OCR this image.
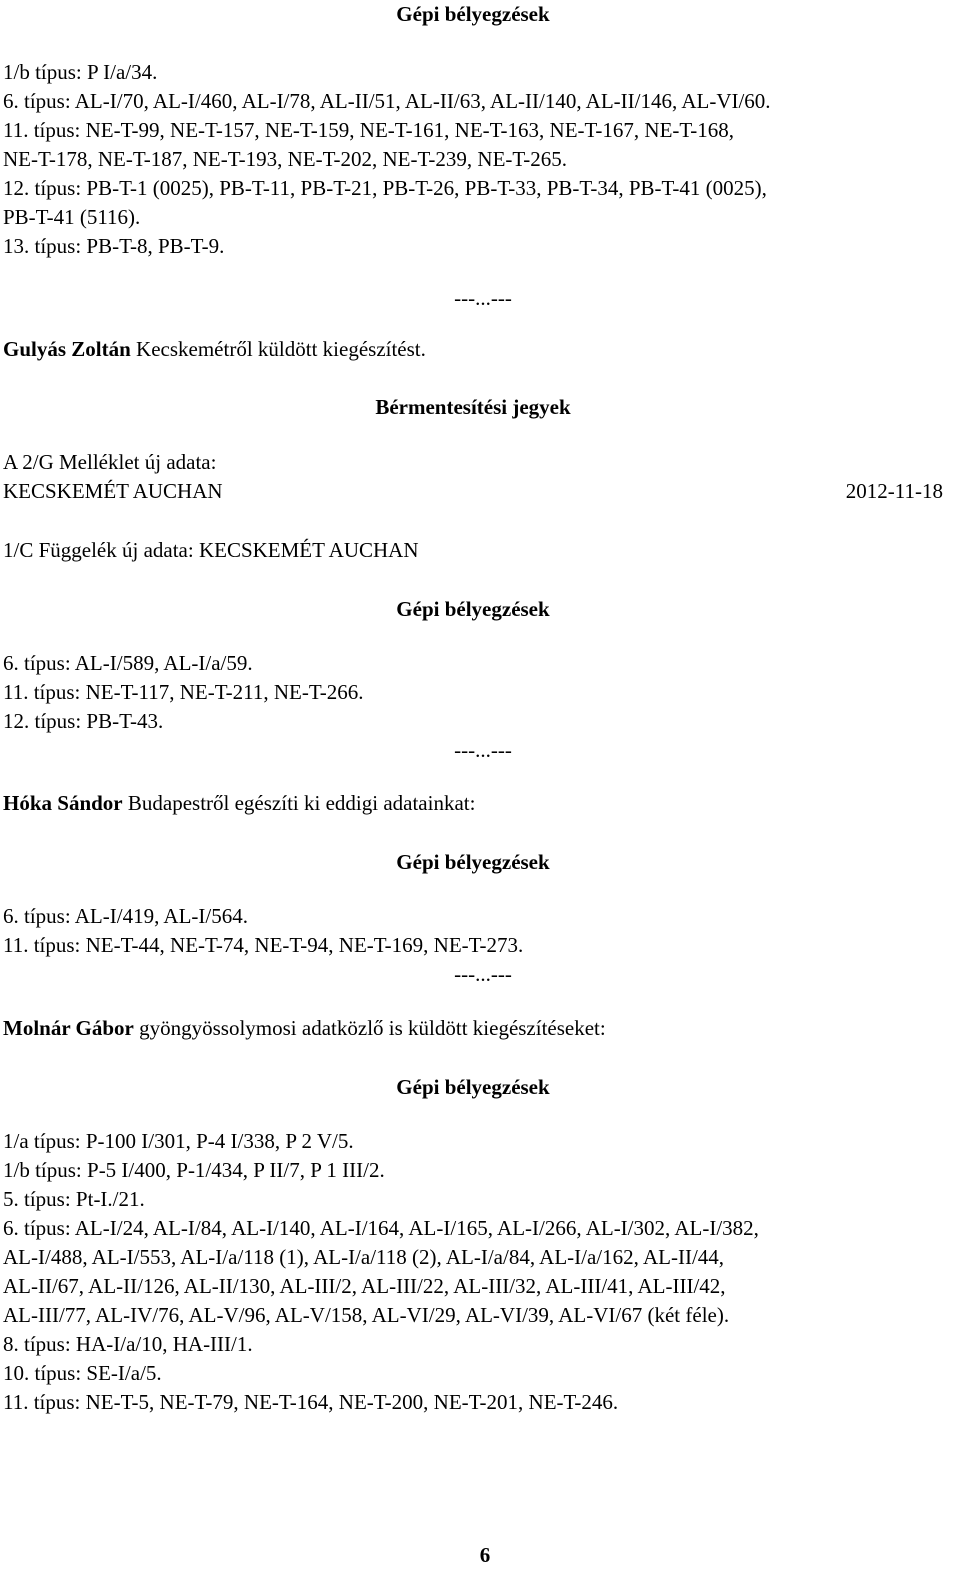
Gépi bélyegzések
1/b típus: P I/a/34.
6. típus: AL-I/70, AL-I/460, AL-I/78, AL-II/51, AL-II/63, AL-II/140, AL-II/146, AL-VI/60.
11. típus: NE-T-99, NE-T-157, NE-T-159, NE-T-161, NE-T-163, NE-T-167, NE-T-168,
NE-T-178, NE-T-187, NE-T-193, NE-T-202, NE-T-239, NE-T-265.
12. típus: PB-T-1 (0025), PB-T-11, PB-T-21, PB-T-26, PB-T-33, PB-T-34, PB-T-41 (0025),
PB-T-41 (5116).
13. típus: PB-T-8, PB-T-9.
---...---
Gulyás Zoltán Kecskemétről küldött kiegészítést.
Bérmentesítési jegyek
A 2/G Melléklet új adata:
KECSKEMÉT AUCHAN	2012-11-18
1/C Függelék új adata: KECSKEMÉT AUCHAN
Gépi bélyegzések
6. típus: AL-I/589, AL-I/a/59.
11. típus: NE-T-117, NE-T-211, NE-T-266.
12. típus: PB-T-43.
---...---
Hóka Sándor Budapestről egészíti ki eddigi adatainkat:
Gépi bélyegzések
6. típus: AL-I/419, AL-I/564.
11. típus: NE-T-44, NE-T-74, NE-T-94, NE-T-169, NE-T-273.
---...---
Molnár Gábor gyöngyössolymosi adatközlő is küldött kiegészítéseket:
Gépi bélyegzések
1/a típus: P-100 I/301, P-4 I/338, P 2 V/5.
1/b típus: P-5 I/400, P-1/434, P II/7, P 1 III/2.
5. típus: Pt-I./21.
6. típus: AL-I/24, AL-I/84, AL-I/140, AL-I/164, AL-I/165, AL-I/266, AL-I/302, AL-I/382,
AL-I/488, AL-I/553, AL-I/a/118 (1), AL-I/a/118 (2), AL-I/a/84, AL-I/a/162, AL-II/44,
AL-II/67, AL-II/126, AL-II/130, AL-III/2, AL-III/22, AL-III/32, AL-III/41, AL-III/42,
AL-III/77, AL-IV/76, AL-V/96, AL-V/158, AL-VI/29, AL-VI/39, AL-VI/67 (két féle).
8. típus: HA-I/a/10, HA-III/1.
10. típus: SE-I/a/5.
11. típus: NE-T-5, NE-T-79, NE-T-164, NE-T-200, NE-T-201, NE-T-246.
6
